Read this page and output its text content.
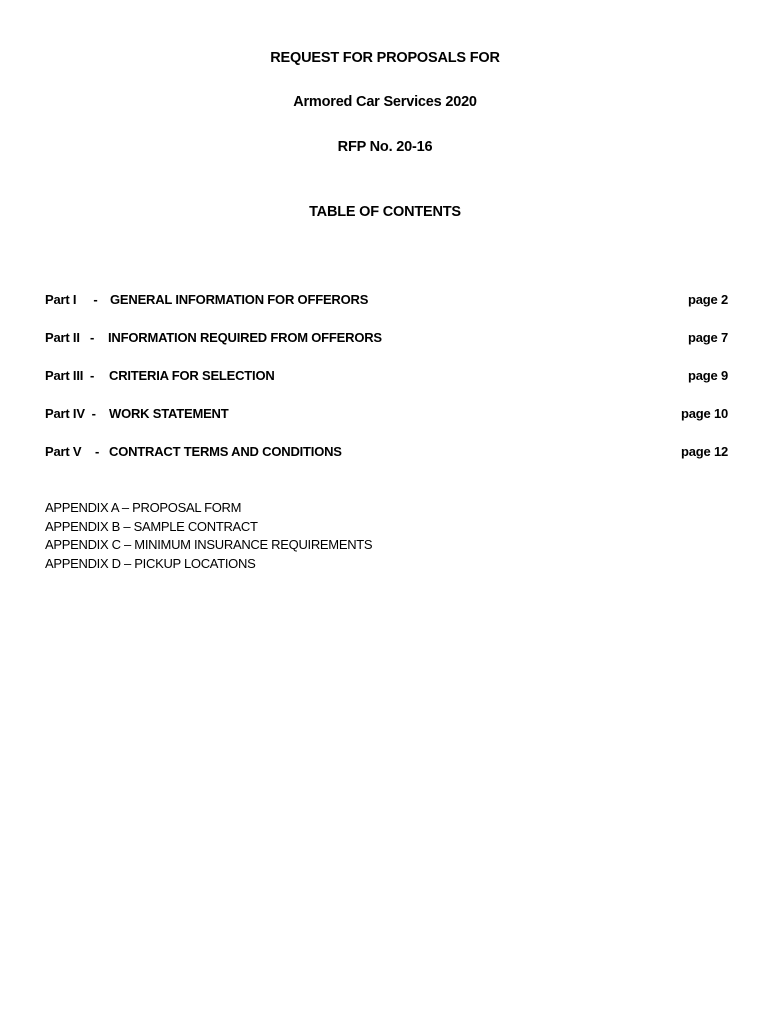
REQUEST FOR PROPOSALS FOR
Armored Car Services 2020
RFP No. 20-16
TABLE OF CONTENTS
Part I     - GENERAL INFORMATION FOR OFFERORS	page 2
Part II   - INFORMATION REQUIRED FROM OFFERORS	page 7
Part III  - CRITERIA FOR SELECTION	page 9
Part IV  - WORK STATEMENT	page 10
Part V    - CONTRACT TERMS AND CONDITIONS	page 12
APPENDIX A – PROPOSAL FORM
APPENDIX B – SAMPLE CONTRACT
APPENDIX C – MINIMUM INSURANCE REQUIREMENTS
APPENDIX D – PICKUP LOCATIONS
